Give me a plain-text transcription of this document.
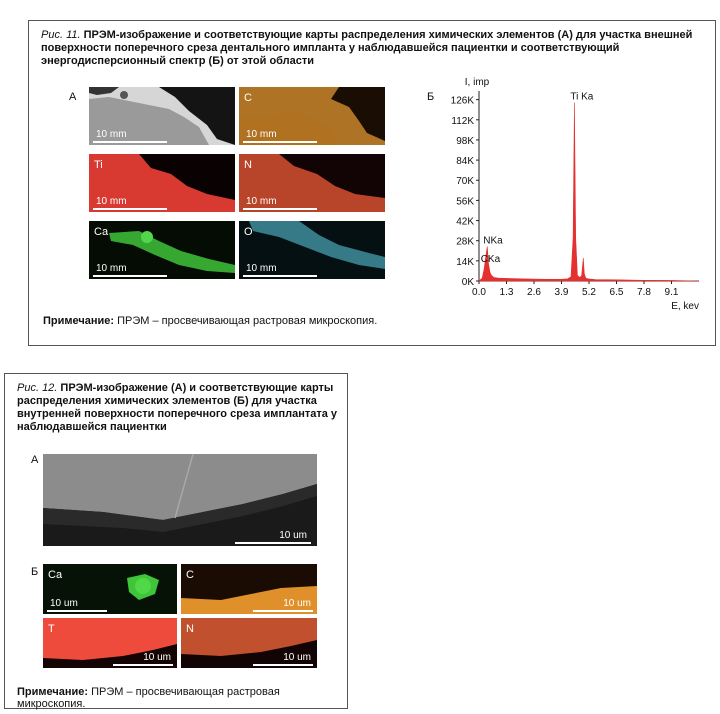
Рис. 11. ПРЭМ-изображение и соответствующие карты распределения химических элементов (А) для участка внешней поверхности поперечного среза дентального импланта у наблюдавшейся пациентки и соответствующий энергодисперсионный спектр (Б) от этой области
А
10 mm
C
10 mm
Ti
10 mm
N
10 mm
Ca
10 mm
O
10 mm
Б
0K
14K
28K
42K
56K
70K
84K
98K
112K
126K
0.0 1.3 2.6 3.9 5.2 6.5 7.8 9.1
I, imp
E, kev
Ti Ka
NKa
CKa
Примечание: ПРЭМ – просвечивающая растровая микроскопия.
Рис. 12. ПРЭМ-изображение (А) и соответствующие карты распределения химических элементов (Б) для участка внутренней поверхности поперечного среза имплантата у наблюдавшейся пациентки
А
10 um
Б Ca
10 um
C
10 um
T
10 um
N
10 um
Примечание: ПРЭМ – просвечивающая растровая микроскопия.
